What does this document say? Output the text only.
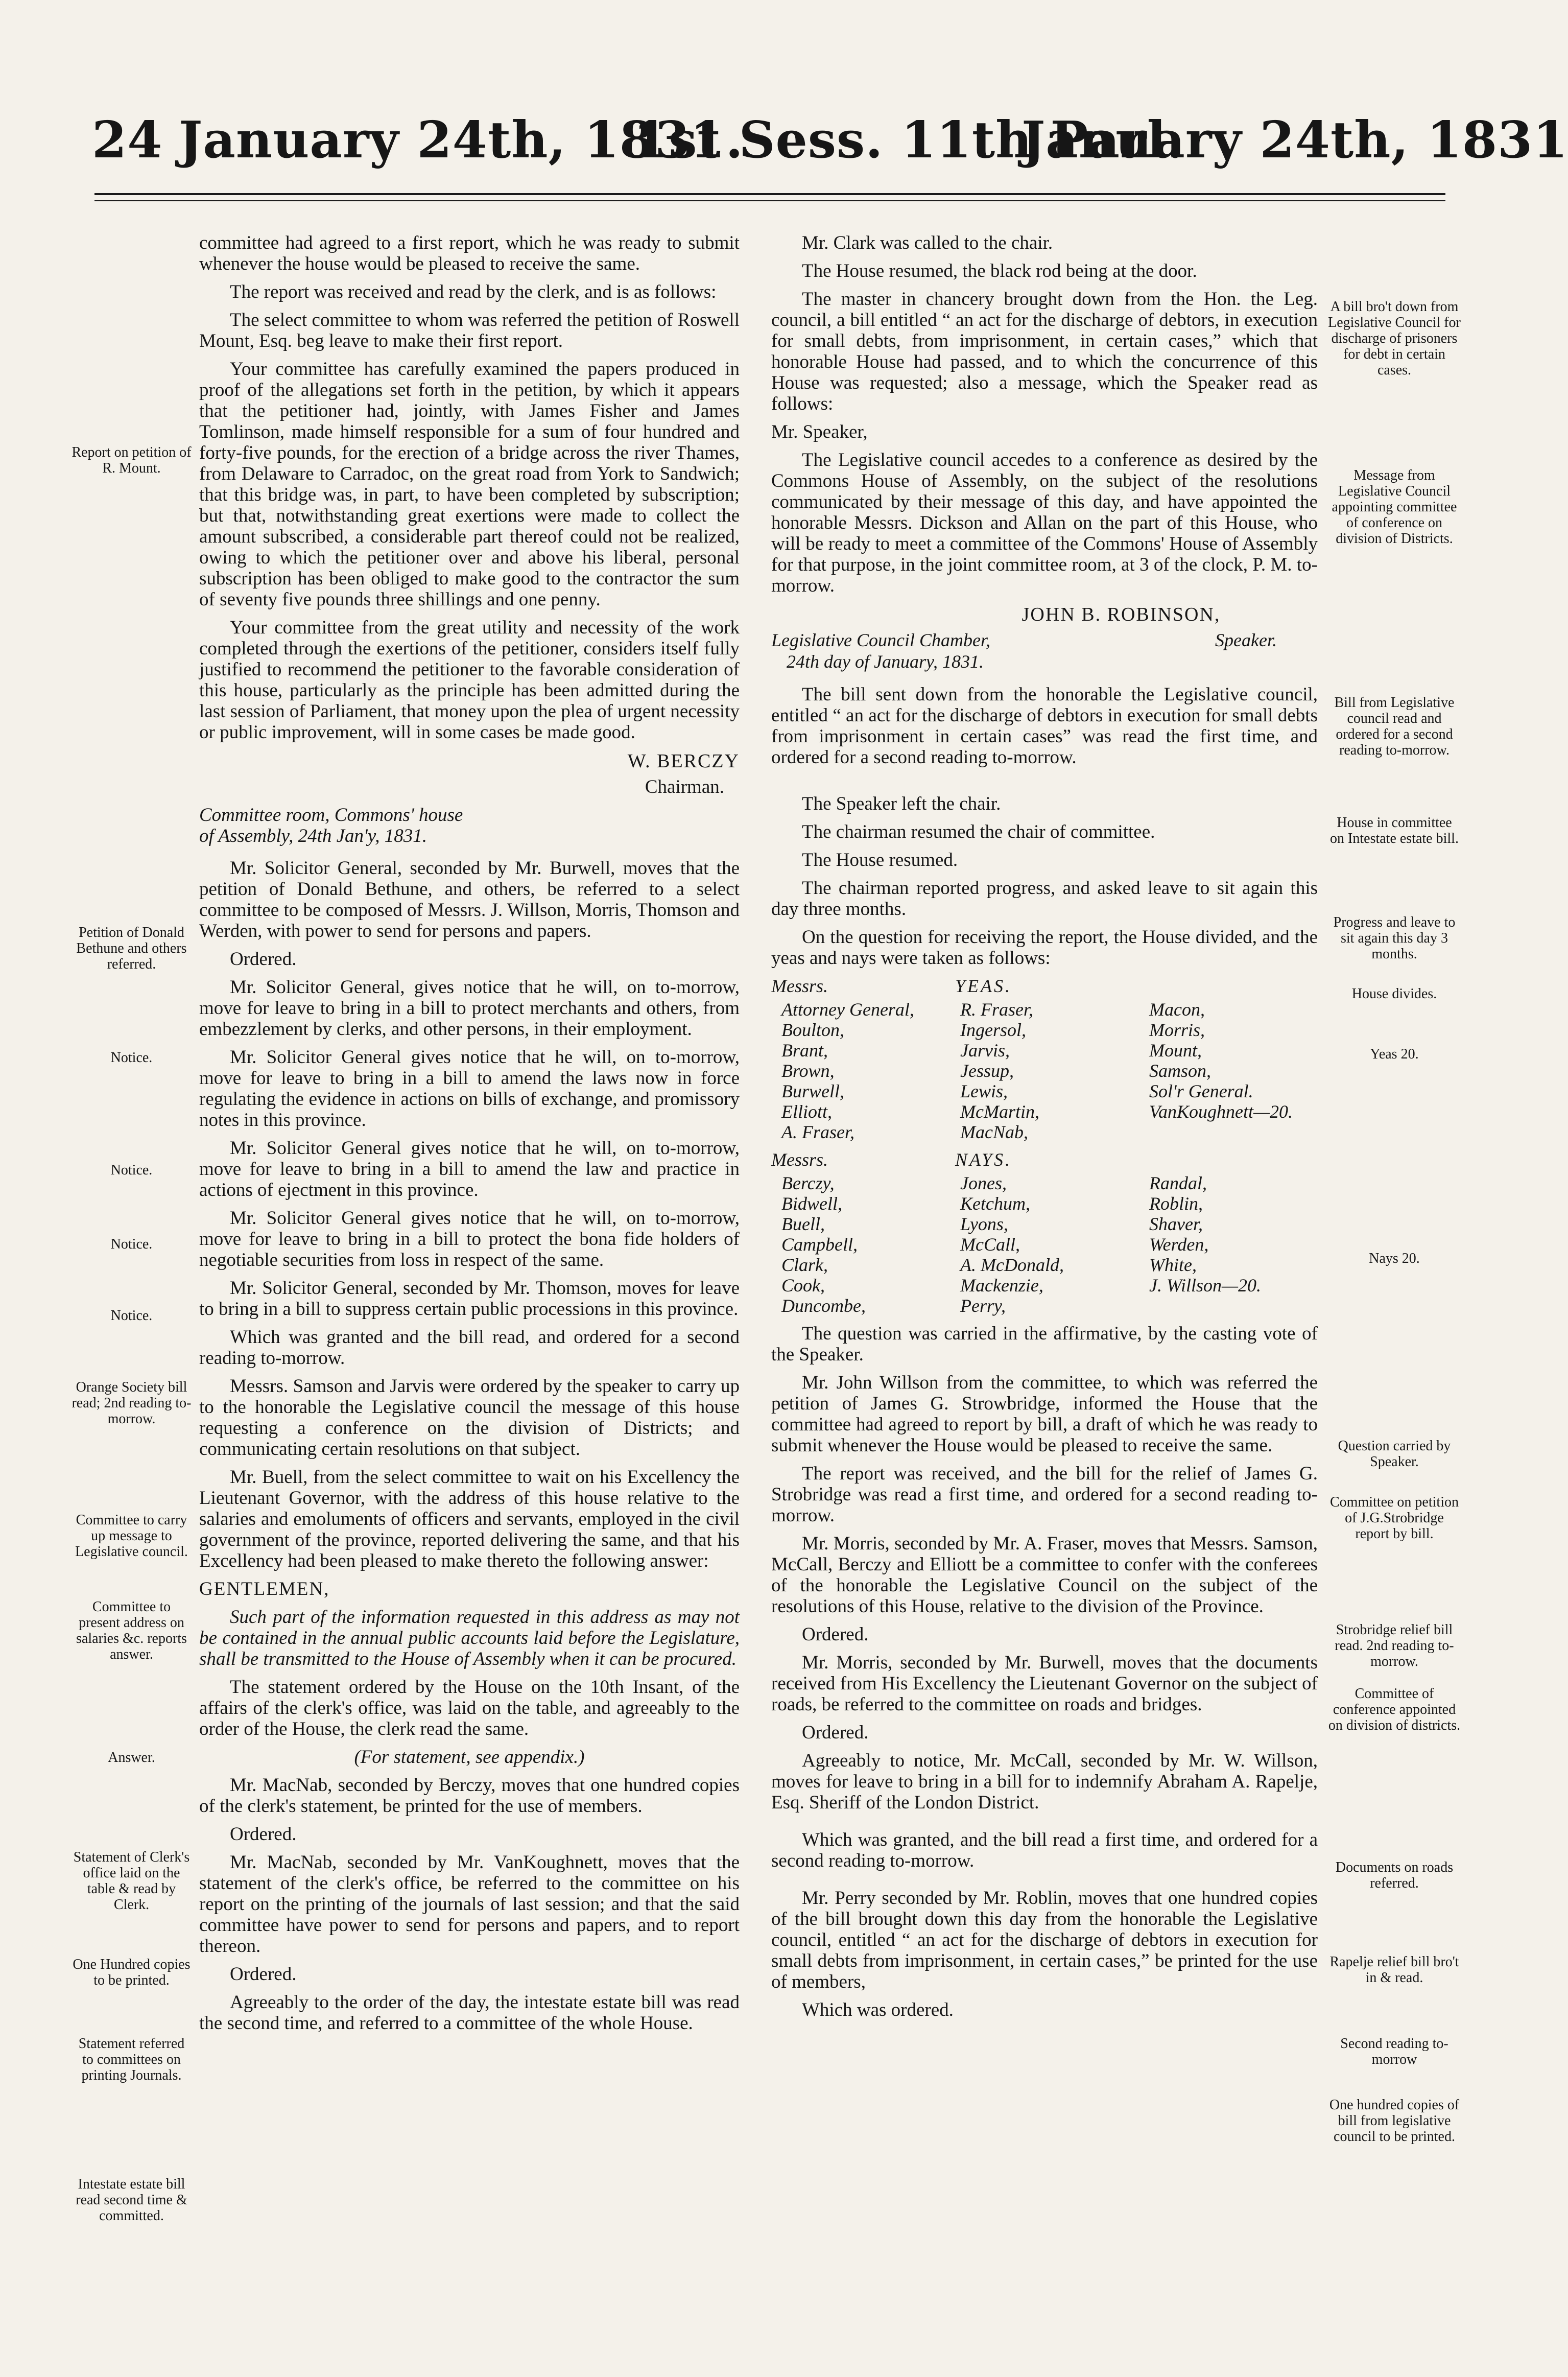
24 January 24th, 1831.
1st Sess. 11th Parl.
January 24th, 1831
Report on petition of R. Mount.
Petition of Donald Bethune and others referred.
Notice.
Notice.
Notice.
Notice.
Orange Society bill read; 2nd reading to-morrow.
Committee to carry up message to Legislative council.
Committee to present address on salaries &c. reports answer.
Answer.
Statement of Clerk's office laid on the table & read by Clerk.
One Hundred copies to be printed.
Statement referred to committees on printing Journals.
Intestate estate bill read second time & committed.

committee had agreed to a first report, which he was ready to submit whenever the house would be pleased to receive the same.

The report was received and read by the clerk, and is as follows:

The select committee to whom was referred the petition of Roswell Mount, Esq. beg leave to make their first report.

Your committee has carefully examined the papers produced in proof of the allegations set forth in the petition, by which it appears that the petitioner had, jointly, with James Fisher and James Tomlinson, made himself responsible for a sum of four hundred and forty-five pounds, for the erection of a bridge across the river Thames, from Delaware to Carradoc, on the great road from York to Sandwich; that this bridge was, in part, to have been completed by subscription; but that, notwithstanding great exertions were made to collect the amount subscribed, a considerable part thereof could not be realized, owing to which the petitioner over and above his liberal, personal subscription has been obliged to make good to the contractor the sum of seventy five pounds three shillings and one penny.

Your committee from the great utility and necessity of the work completed through the exertions of the petitioner, considers itself fully justified to recommend the petitioner to the favorable consideration of this house, particularly as the principle has been admitted during the last session of Parliament, that money upon the plea of urgent necessity or public improvement, will in some cases be made good.

W. BERCZY

Chairman.

Committee room, Commons' house
of Assembly, 24th Jan'y, 1831.

Mr. Solicitor General, seconded by Mr. Burwell, moves that the petition of Donald Bethune, and others, be referred to a select committee to be composed of Messrs. J. Willson, Morris, Thomson and Werden, with power to send for persons and papers.

Ordered.

Mr. Solicitor General, gives notice that he will, on to-morrow, move for leave to bring in a bill to protect merchants and others, from embezzlement by clerks, and other persons, in their employment.

Mr. Solicitor General gives notice that he will, on to-morrow, move for leave to bring in a bill to amend the laws now in force regulating the evidence in actions on bills of exchange, and promissory notes in this province.

Mr. Solicitor General gives notice that he will, on to-morrow, move for leave to bring in a bill to amend the law and practice in actions of ejectment in this province.

Mr. Solicitor General gives notice that he will, on to-morrow, move for leave to bring in a bill to protect the bona fide holders of negotiable securities from loss in respect of the same.

Mr. Solicitor General, seconded by Mr. Thomson, moves for leave to bring in a bill to suppress certain public processions in this province.

Which was granted and the bill read, and ordered for a second reading to-morrow.

Messrs. Samson and Jarvis were ordered by the speaker to carry up to the honorable the Legislative council the message of this house requesting a conference on the division of Districts; and communicating certain resolutions on that subject.

Mr. Buell, from the select committee to wait on his Excellency the Lieutenant Governor, with the address of this house relative to the salaries and emoluments of officers and servants, employed in the civil government of the province, reported delivering the same, and that his Excellency had been pleased to make thereto the following answer:

GENTLEMEN,

Such part of the information requested in this address as may not be contained in the annual public accounts laid before the Legislature, shall be transmitted to the House of Assembly when it can be procured.

The statement ordered by the House on the 10th Insant, of the affairs of the clerk's office, was laid on the table, and agreeably to the order of the House, the clerk read the same.

(For statement, see appendix.)

Mr. MacNab, seconded by Berczy, moves that one hundred copies of the clerk's statement, be printed for the use of members.

Ordered.

Mr. MacNab, seconded by Mr. VanKoughnett, moves that the statement of the clerk's office, be referred to the committee on his report on the printing of the journals of last session; and that the said committee have power to send for persons and papers, and to report thereon.

Ordered.

Agreeably to the order of the day, the intestate estate bill was read the second time, and referred to a committee of the whole House.

Mr. Clark was called to the chair.

The House resumed, the black rod being at the door.

The master in chancery brought down from the Hon. the Leg. council, a bill entitled “ an act for the discharge of debtors, in execution for small debts, from imprisonment, in certain cases,” which that honorable House had passed, and to which the concurrence of this House was requested; also a message, which the Speaker read as follows:

Mr. Speaker,

The Legislative council accedes to a conference as desired by the Commons House of Assembly, on the subject of the resolutions communicated by their message of this day, and have appointed the honorable Messrs. Dickson and Allan on the part of this House, who will be ready to meet a committee of the Commons' House of Assembly for that purpose, in the joint committee room, at 3 of the clock, P. M. to-morrow.

JOHN B. ROBINSON,
Legislative Council Chamber,
24th day of January, 1831.
Speaker.

The bill sent down from the honorable the Legislative council, entitled “ an act for the discharge of debtors in execution for small debts from imprisonment in certain cases” was read the first time, and ordered for a second reading to-morrow.

The Speaker left the chair.

The chairman resumed the chair of committee.

The House resumed.

The chairman reported progress, and asked leave to sit again this day three months.

On the question for receiving the report, the House divided, and the yeas and nays were taken as follows:

Messrs.	YEAS.
Attorney General,	R. Fraser,	Macon,
Boulton,	Ingersol,	Morris,
Brant,	Jarvis,	Mount,
Brown,	Jessup,	Samson,
Burwell,	Lewis,	Sol'r General.
Elliott,	McMartin,	VanKoughnett—20.
A. Fraser,	MacNab,	
Messrs.	NAYS.
Berczy,	Jones,	Randal,
Bidwell,	Ketchum,	Roblin,
Buell,	Lyons,	Shaver,
Campbell,	McCall,	Werden,
Clark,	A. McDonald,	White,
Cook,	Mackenzie,	J. Willson—20.
Duncombe,	Perry,	

The question was carried in the affirmative, by the casting vote of the Speaker.

Mr. John Willson from the committee, to which was referred the petition of James G. Strowbridge, informed the House that the committee had agreed to report by bill, a draft of which he was ready to submit whenever the House would be pleased to receive the same.

The report was received, and the bill for the relief of James G. Strobridge was read a first time, and ordered for a second reading to-morrow.

Mr. Morris, seconded by Mr. A. Fraser, moves that Messrs. Samson, McCall, Berczy and Elliott be a committee to confer with the conferees of the honorable the Legislative Council on the subject of the resolutions of this House, relative to the division of the Province.

Ordered.

Mr. Morris, seconded by Mr. Burwell, moves that the documents received from His Excellency the Lieutenant Governor on the subject of roads, be referred to the committee on roads and bridges.

Ordered.

Agreeably to notice, Mr. McCall, seconded by Mr. W. Willson, moves for leave to bring in a bill for to indemnify Abraham A. Rapelje, Esq. Sheriff of the London District.

Which was granted, and the bill read a first time, and ordered for a second reading to-morrow.

Mr. Perry seconded by Mr. Roblin, moves that one hundred copies of the bill brought down this day from the honorable the Legislative council, entitled “ an act for the discharge of debtors in execution for small debts from imprisonment, in certain cases,” be printed for the use of members,

Which was ordered.

A bill bro't down from Legislative Council for discharge of prisoners for debt in certain cases.
Message from Legislative Council appointing committee of conference on division of Districts.
Bill from Legislative council read and ordered for a second reading to-morrow.
House in committee on Intestate estate bill.
Progress and leave to sit again this day 3 months.
House divides.
Yeas 20.
Nays 20.
Question carried by Speaker.
Committee on petition of J.G.Strobridge report by bill.
Strobridge relief bill read. 2nd reading to-morrow.
Committee of conference appointed on division of districts.
Documents on roads referred.
Rapelje relief bill bro't in & read.
Second reading to-morrow
One hundred copies of bill from legislative council to be printed.
